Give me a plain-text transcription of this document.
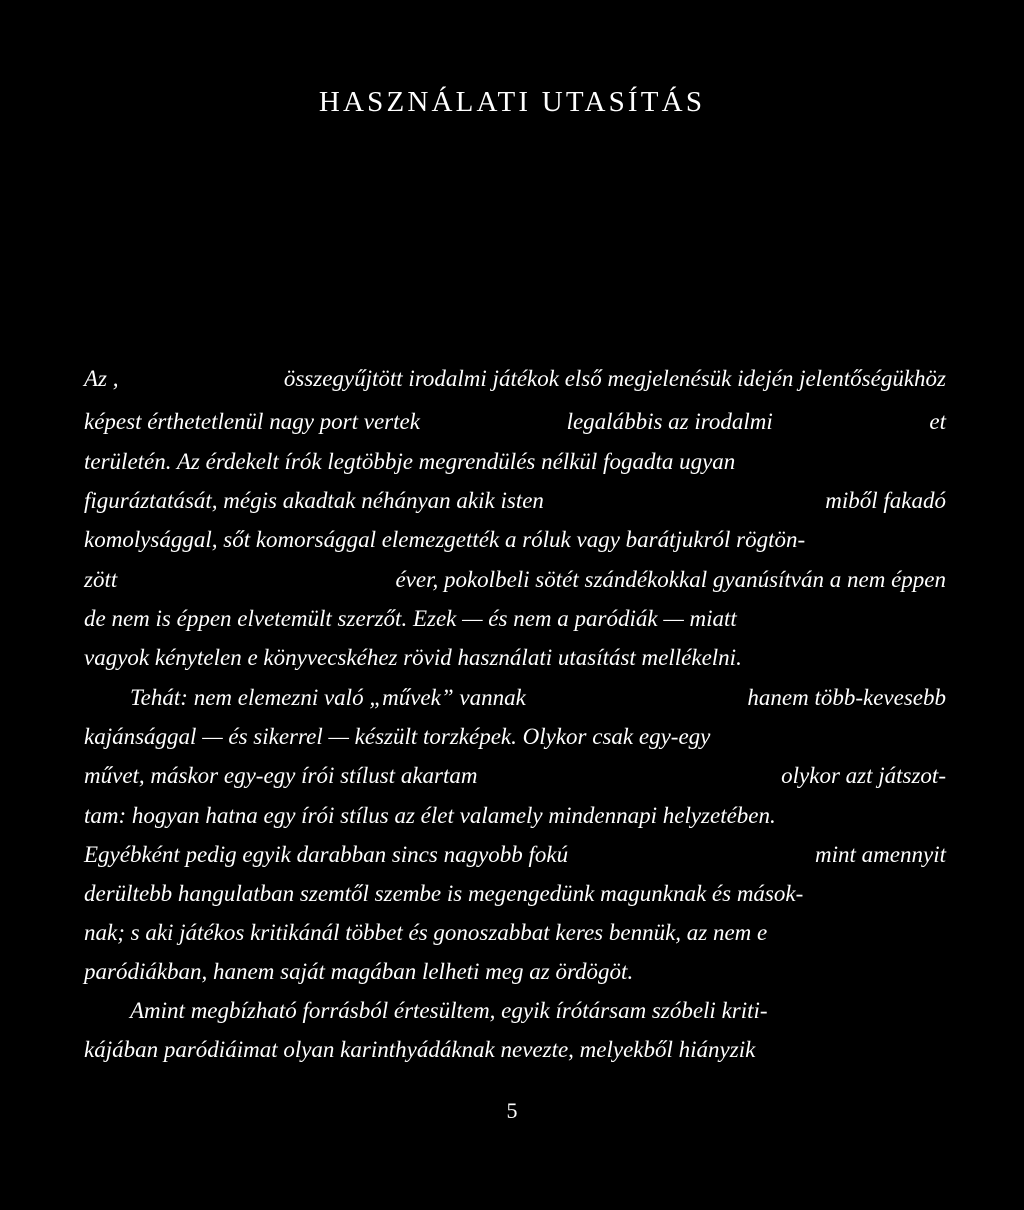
HASZNÁLATI UTASÍTÁS
Az ,	összegyűjtött irodalmi játékok első megjelenésük idején jelentőségükhöz
képest érthetetlenül nagy port vertek	legalábbis az irodalmi	et
területén. Az érdekelt írók legtöbbje megrendülés nélkül fogadta ugyan
figuráztatását, mégis akadtak néhányan akik isten	miből fakadó
komolysággal, sőt komorsággal elemezgették a róluk vagy barátjukról rögtön-
zött	éver, pokolbeli sötét szándékokkal gyanúsítván a nem éppen
de nem is éppen elvetemült szerzőt. Ezek — és nem a paródiák — miatt
vagyok kénytelen e könyvecskéhez rövid használati utasítást mellékelni.
Tehát: nem elemezni való „művek” vannak	hanem több-kevesebb
kajánsággal — és sikerrel — készült torzképek. Olykor csak egy-egy
művet, máskor egy-egy írói stílust akartam	olykor azt játszot-
tam: hogyan hatna egy írói stílus az élet valamely mindennapi helyzetében.
Egyébként pedig egyik darabban sincs nagyobb fokú	mint amennyit
derültebb hangulatban szemtől szembe is megengedünk magunknak és mások-
nak; s aki játékos kritikánál többet és gonoszabbat keres bennük, az nem e
paródiákban, hanem saját magában lelheti meg az ördögöt.
Amint megbízható forrásból értesültem, egyik írótársam szóbeli kriti-
kájában paródiáimat olyan karinthyádáknak nevezte, melyekből hiányzik
5
